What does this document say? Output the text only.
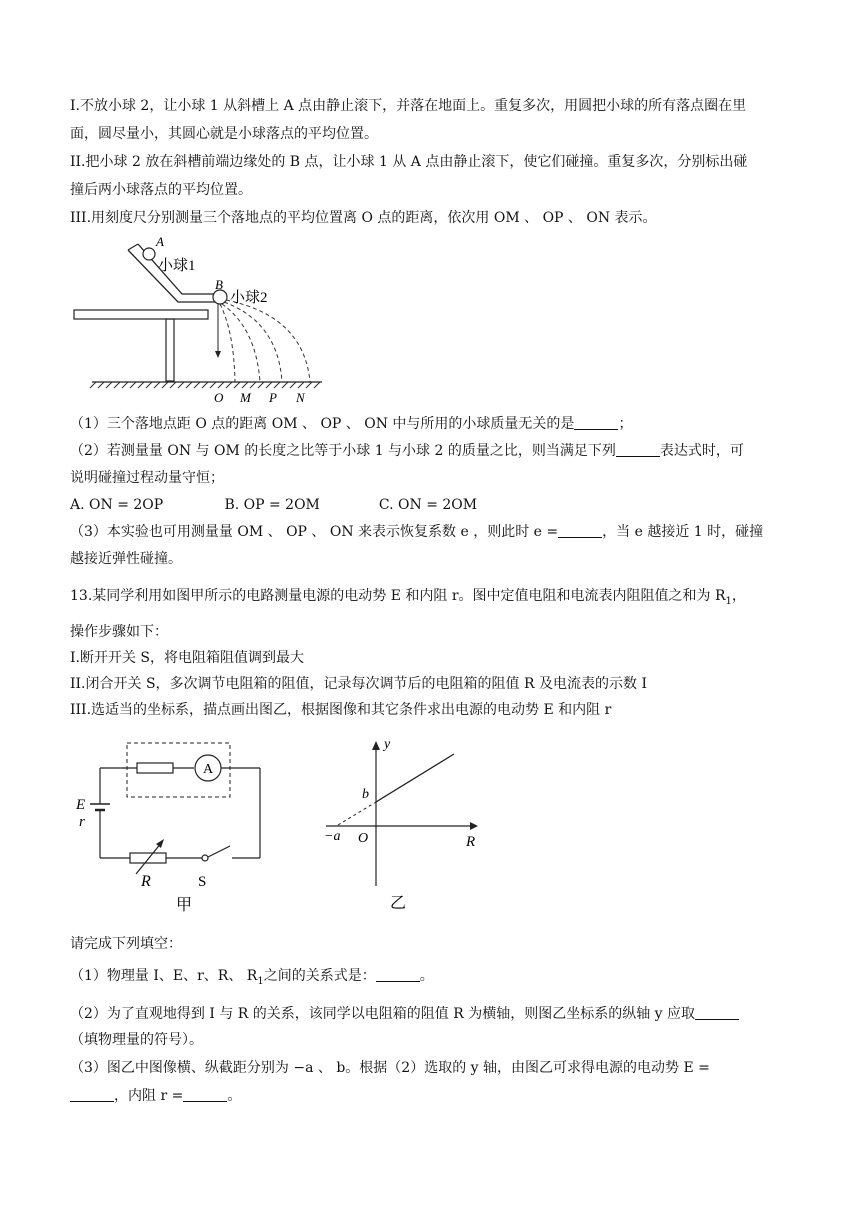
I.不放小球 2，让小球 1 从斜槽上 A 点由静止滚下，并落在地面上。重复多次，用圆把小球的所有落点圈在里
面，圆尽量小，其圆心就是小球落点的平均位置。
II.把小球 2 放在斜槽前端边缘处的 B 点，让小球 1 从 A 点由静止滚下，使它们碰撞。重复多次，分别标出碰
撞后两小球落点的平均位置。
III.用刻度尺分别测量三个落地点的平均位置离 O 点的距离，依次用 OM 、 OP 、 ON 表示。
A
小球1
B
小球2
O M P N
（1）三个落地点距 O 点的距离 OM 、 OP 、 ON 中与所用的小球质量无关的是	；
（2）若测量量 ON 与 OM 的长度之比等于小球 1 与小球 2 的质量之比，则当满足下列	表达式时，可
说明碰撞过程动量守恒；
A. ON = 2OP	B. OP = 2OM	C. ON = 2OM
（3）本实验也可用测量量 OM 、 OP 、 ON 来表示恢复系数 e ，则此时 e =	，当 e 越接近 1 时，碰撞
越接近弹性碰撞。
13.某同学利用如图甲所示的电路测量电源的电动势 E 和内阻 r。图中定值电阻和电流表内阻阻值之和为 $R_1$，
操作步骤如下：
I.断开开关 S，将电阻箱阻值调到最大
II.闭合开关 S，多次调节电阻箱的阻值，记录每次调节后的电阻箱的阻值 R 及电流表的示数 I
III.选适当的坐标系，描点画出图乙，根据图像和其它条件求出电源的电动势 E 和内阻 r
A
E
r
R	S
甲
y
b
−a O	R
乙
请完成下列填空：
（1）物理量 I、E、r、R、 $R_1$之间的关系式是：	。
（2）为了直观地得到 I 与 R 的关系，该同学以电阻箱的阻值 R 为横轴，则图乙坐标系的纵轴 y 应取
（填物理量的符号）。
（3）图乙中图像横、纵截距分别为 −a 、 b。根据（2）选取的 y 轴，由图乙可求得电源的电动势 E =
，内阻 r =	。
